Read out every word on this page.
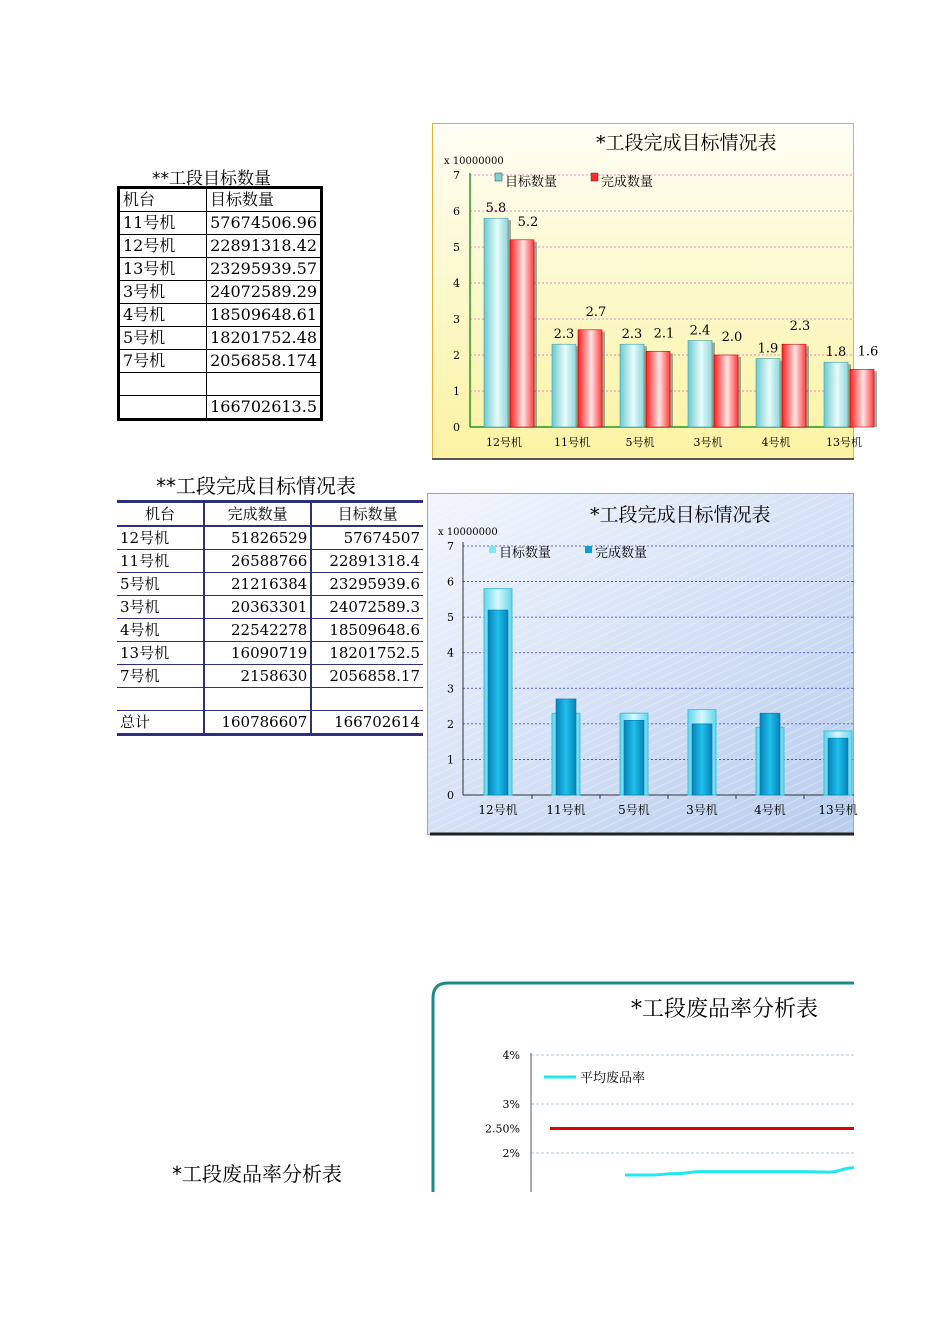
**工段目标数量
机台	目标数量
11号机	57674506.96
12号机	22891318.42
13号机	23295939.57
3号机	24072589.29
4号机	18509648.61
5号机	18201752.48
7号机	2056858.174

	166702613.5
**工段完成目标情况表
机台	完成数量	目标数量
12号机	51826529	57674507
11号机	26588766	22891318.4
5号机	21216384	23295939.6
3号机	20363301	24072589.3
4号机	22542278	18509648.6
13号机	16090719	18201752.5
7号机	2158630	2056858.17

总计	160786607	166702614
*工段废品率分析表
0
1
2
3
4
5
6
7
5.8
5.2
12号机
2.3
2.7
11号机
2.3 2.1
5号机
2.4 2.0
3号机
1.9
2.3
4号机
1.8 1.6
13号机
*工段完成目标情况表
x 10000000
目标数量	完成数量
0
1
2
3
4
5
6
7
12号机 11号机	5号机	3号机	4号机	13号机
*工段完成目标情况表
x 10000000
目标数量	完成数量
2%
2.50%
3%
4%
*工段废品率分析表
平均废品率
